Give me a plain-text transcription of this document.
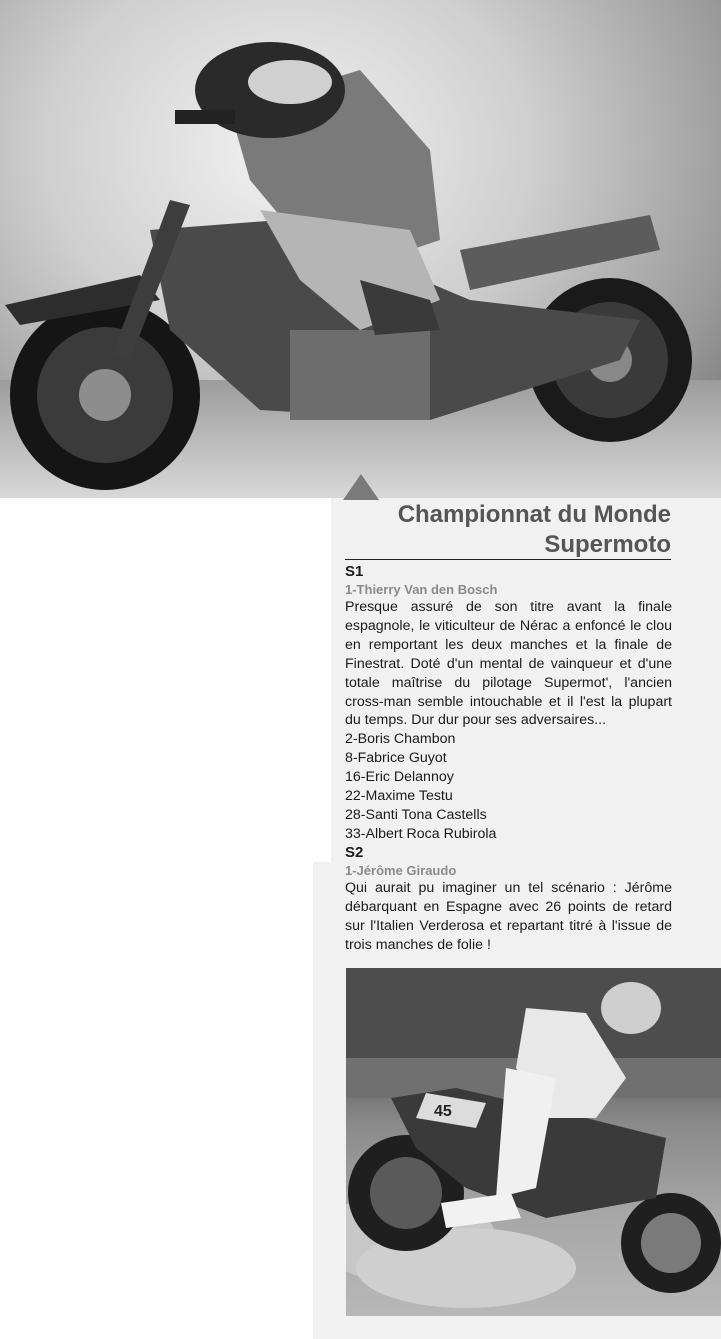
Championnat du Monde
Supermoto
S1
1-Thierry Van den Bosch

Presque assuré de son titre avant la finale espagnole, le viticulteur de Nérac a enfoncé le clou en remportant les deux manches et la finale de Finestrat. Doté d'un mental de vainqueur et d'une totale maîtrise du pilotage Supermot', l'ancien cross-man semble intouchable et il l'est la plupart du temps. Dur dur pour ses adversaires...

2-Boris Chambon

8-Fabrice Guyot

16-Eric Delannoy

22-Maxime Testu

28-Santi Tona Castells

33-Albert Roca Rubirola

S2
1-Jérôme Giraudo

Qui aurait pu imaginer un tel scénario : Jérôme débarquant en Espagne avec 26 points de retard sur l'Italien Verderosa et repartant titré à l'issue de trois manches de folie !

45
